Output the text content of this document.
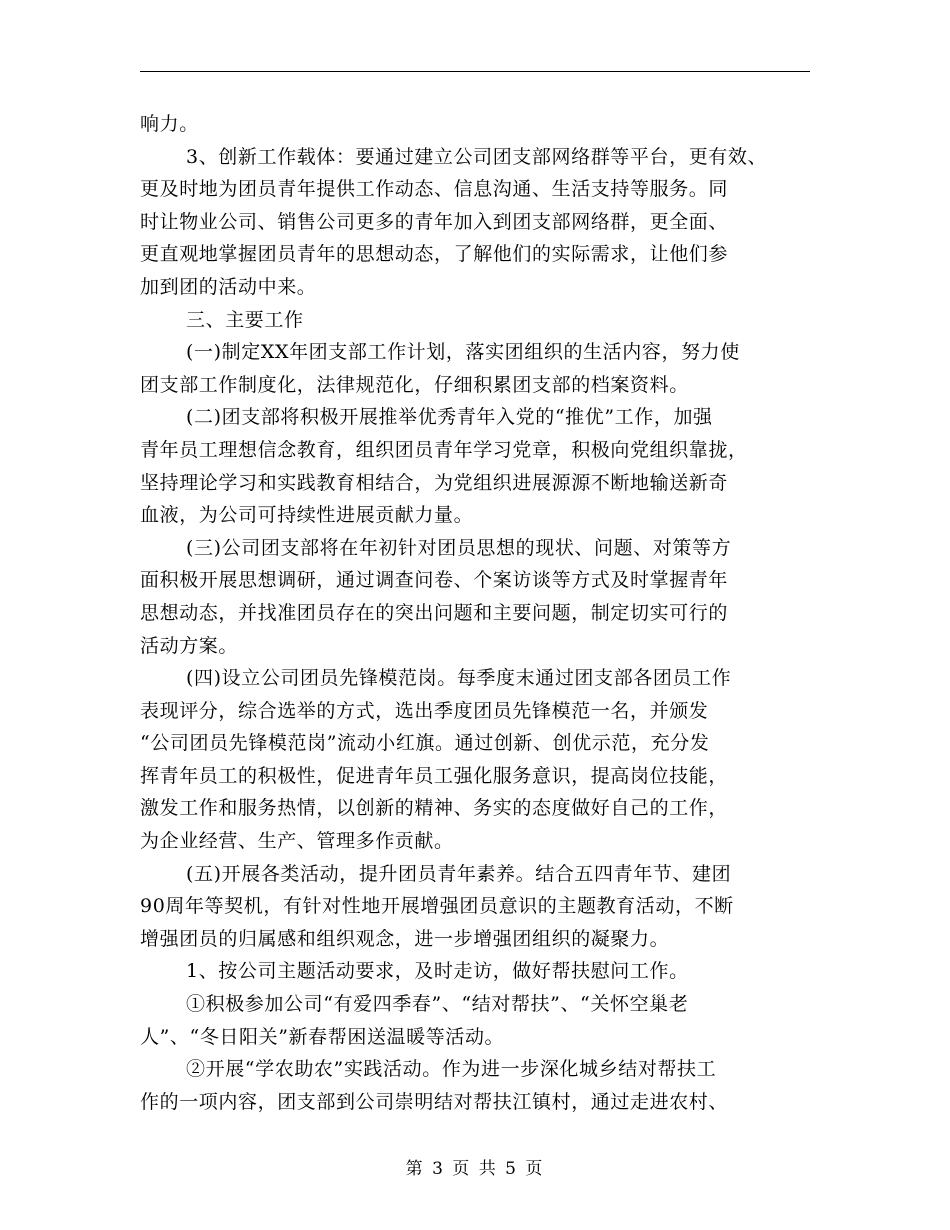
响力。
3、创新工作载体：要通过建立公司团支部网络群等平台，更有效、
更及时地为团员青年提供工作动态、信息沟通、生活支持等服务。同
时让物业公司、销售公司更多的青年加入到团支部网络群，更全面、
更直观地掌握团员青年的思想动态，了解他们的实际需求，让他们参
加到团的活动中来。
三、主要工作
(一)制定XX年团支部工作计划，落实团组织的生活内容，努力使
团支部工作制度化，法律规范化，仔细积累团支部的档案资料。
(二)团支部将积极开展推举优秀青年入党的“推优”工作，加强
青年员工理想信念教育，组织团员青年学习党章，积极向党组织靠拢，
坚持理论学习和实践教育相结合，为党组织进展源源不断地输送新奇
血液，为公司可持续性进展贡献力量。
(三)公司团支部将在年初针对团员思想的现状、问题、对策等方
面积极开展思想调研，通过调查问卷、个案访谈等方式及时掌握青年
思想动态，并找准团员存在的突出问题和主要问题，制定切实可行的
活动方案。
(四)设立公司团员先锋模范岗。每季度末通过团支部各团员工作
表现评分，综合选举的方式，选出季度团员先锋模范一名，并颁发
“公司团员先锋模范岗”流动小红旗。通过创新、创优示范，充分发
挥青年员工的积极性，促进青年员工强化服务意识，提高岗位技能，
激发工作和服务热情，以创新的精神、务实的态度做好自己的工作，
为企业经营、生产、管理多作贡献。
(五)开展各类活动，提升团员青年素养。结合五四青年节、建团
90周年等契机，有针对性地开展增强团员意识的主题教育活动，不断
增强团员的归属感和组织观念，进一步增强团组织的凝聚力。
1、按公司主题活动要求，及时走访，做好帮扶慰问工作。
①积极参加公司“有爱四季春”、“结对帮扶”、“关怀空巢老
人”、“冬日阳关”新春帮困送温暖等活动。
②开展“学农助农”实践活动。作为进一步深化城乡结对帮扶工
作的一项内容，团支部到公司崇明结对帮扶江镇村，通过走进农村、
第 3 页 共 5 页
